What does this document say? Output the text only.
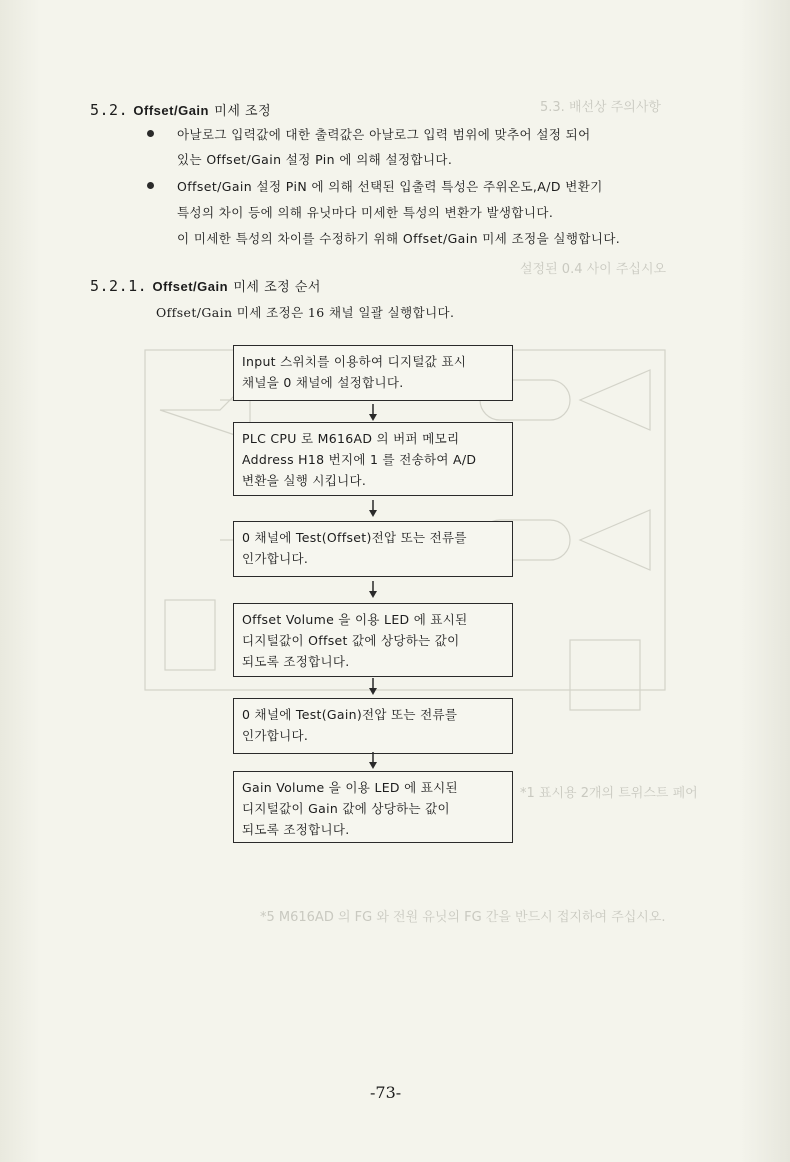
5.3. 배선상 주의사항
설정된 0.4 사이 주십시오
*1 표시용 2개의 트위스트 페어
*5 M616AD 의 FG 와 전원 유닛의 FG 간을 반드시 접지하여 주십시오.
5.2. Offset/Gain 미세 조정
아날로그 입력값에 대한 출력값은 아날로그 입력 범위에 맞추어 설정 되어
있는 Offset/Gain 설정 Pin 에 의해 설정합니다.
Offset/Gain 설정 PiN 에 의해 선택된 입출력 특성은 주위온도,A/D 변환기
특성의 차이 등에 의해 유닛마다 미세한 특성의 변환가 발생합니다.
이 미세한 특성의 차이를 수정하기 위해 Offset/Gain 미세 조정을 실행합니다.
5.2.1. Offset/Gain 미세 조정 순서
Offset/Gain 미세 조정은 16 채널 일괄 실행합니다.
Input 스위치를 이용하여 디지털값 표시
채널을 0 채널에 설정합니다.
PLC CPU 로 M616AD 의 버퍼 메모리
Address H18 번지에 1 를 전송하여 A/D
변환을 실행 시킵니다.
0 채널에 Test(Offset)전압 또는 전류를
인가합니다.
Offset Volume 을 이용 LED 에 표시된
디지털값이 Offset 값에 상당하는 값이
되도록 조정합니다.
0 채널에 Test(Gain)전압 또는 전류를
인가합니다.
Gain Volume 을 이용 LED 에 표시된
디지털값이 Gain 값에 상당하는 값이
되도록 조정합니다.
-73-
